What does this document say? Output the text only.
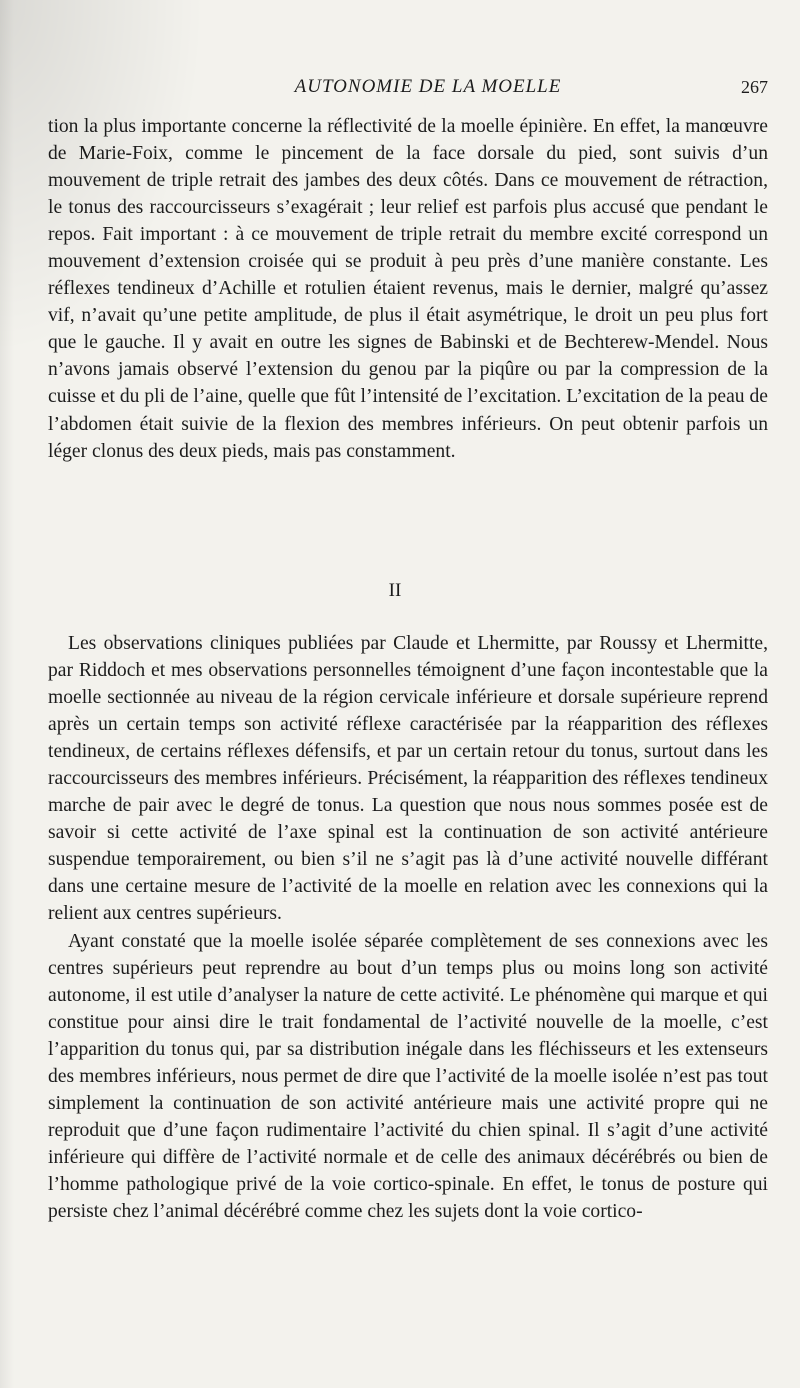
AUTONOMIE DE LA MOELLE	267

tion la plus importante concerne la réflectivité de la moelle épinière. En effet, la manœuvre de Marie-Foix, comme le pincement de la face dorsale du pied, sont suivis d’un mouvement de triple retrait des jambes des deux côtés. Dans ce mouvement de rétraction, le tonus des raccourcisseurs s’exagérait ; leur relief est parfois plus accusé que pendant le repos. Fait important : à ce mouvement de triple retrait du membre excité correspond un mouvement d’extension croisée qui se produit à peu près d’une manière constante. Les réflexes tendineux d’Achille et rotulien étaient revenus, mais le dernier, malgré qu’assez vif, n’avait qu’une petite amplitude, de plus il était asymétrique, le droit un peu plus fort que le gauche. Il y avait en outre les signes de Babinski et de Bechterew-Mendel. Nous n’avons jamais observé l’extension du genou par la piqûre ou par la compression de la cuisse et du pli de l’aine, quelle que fût l’intensité de l’excitation. L’excitation de la peau de l’abdomen était suivie de la flexion des membres inférieurs. On peut obtenir parfois un léger clonus des deux pieds, mais pas constamment.

II

Les observations cliniques publiées par Claude et Lhermitte, par Roussy et Lhermitte, par Riddoch et mes observations personnelles témoignent d’une façon incontestable que la moelle sectionnée au niveau de la région cervicale inférieure et dorsale supérieure reprend après un certain temps son activité réflexe caractérisée par la réapparition des réflexes tendineux, de certains réflexes défensifs, et par un certain retour du tonus, surtout dans les raccourcisseurs des membres inférieurs. Précisément, la réapparition des réflexes tendineux marche de pair avec le degré de tonus. La question que nous nous sommes posée est de savoir si cette activité de l’axe spinal est la continuation de son activité antérieure suspendue temporairement, ou bien s’il ne s’agit pas là d’une activité nouvelle différant dans une certaine mesure de l’activité de la moelle en relation avec les connexions qui la relient aux centres supérieurs.

Ayant constaté que la moelle isolée séparée complètement de ses connexions avec les centres supérieurs peut reprendre au bout d’un temps plus ou moins long son activité autonome, il est utile d’analyser la nature de cette activité. Le phénomène qui marque et qui constitue pour ainsi dire le trait fondamental de l’activité nouvelle de la moelle, c’est l’apparition du tonus qui, par sa distribution inégale dans les fléchisseurs et les extenseurs des membres inférieurs, nous permet de dire que l’activité de la moelle isolée n’est pas tout simplement la continuation de son activité antérieure mais une activité propre qui ne reproduit que d’une façon rudimentaire l’activité du chien spinal. Il s’agit d’une activité inférieure qui diffère de l’activité normale et de celle des animaux décérébrés ou bien de l’homme pathologique privé de la voie cortico-spinale. En effet, le tonus de posture qui persiste chez l’animal décérébré comme chez les sujets dont la voie cortico-
